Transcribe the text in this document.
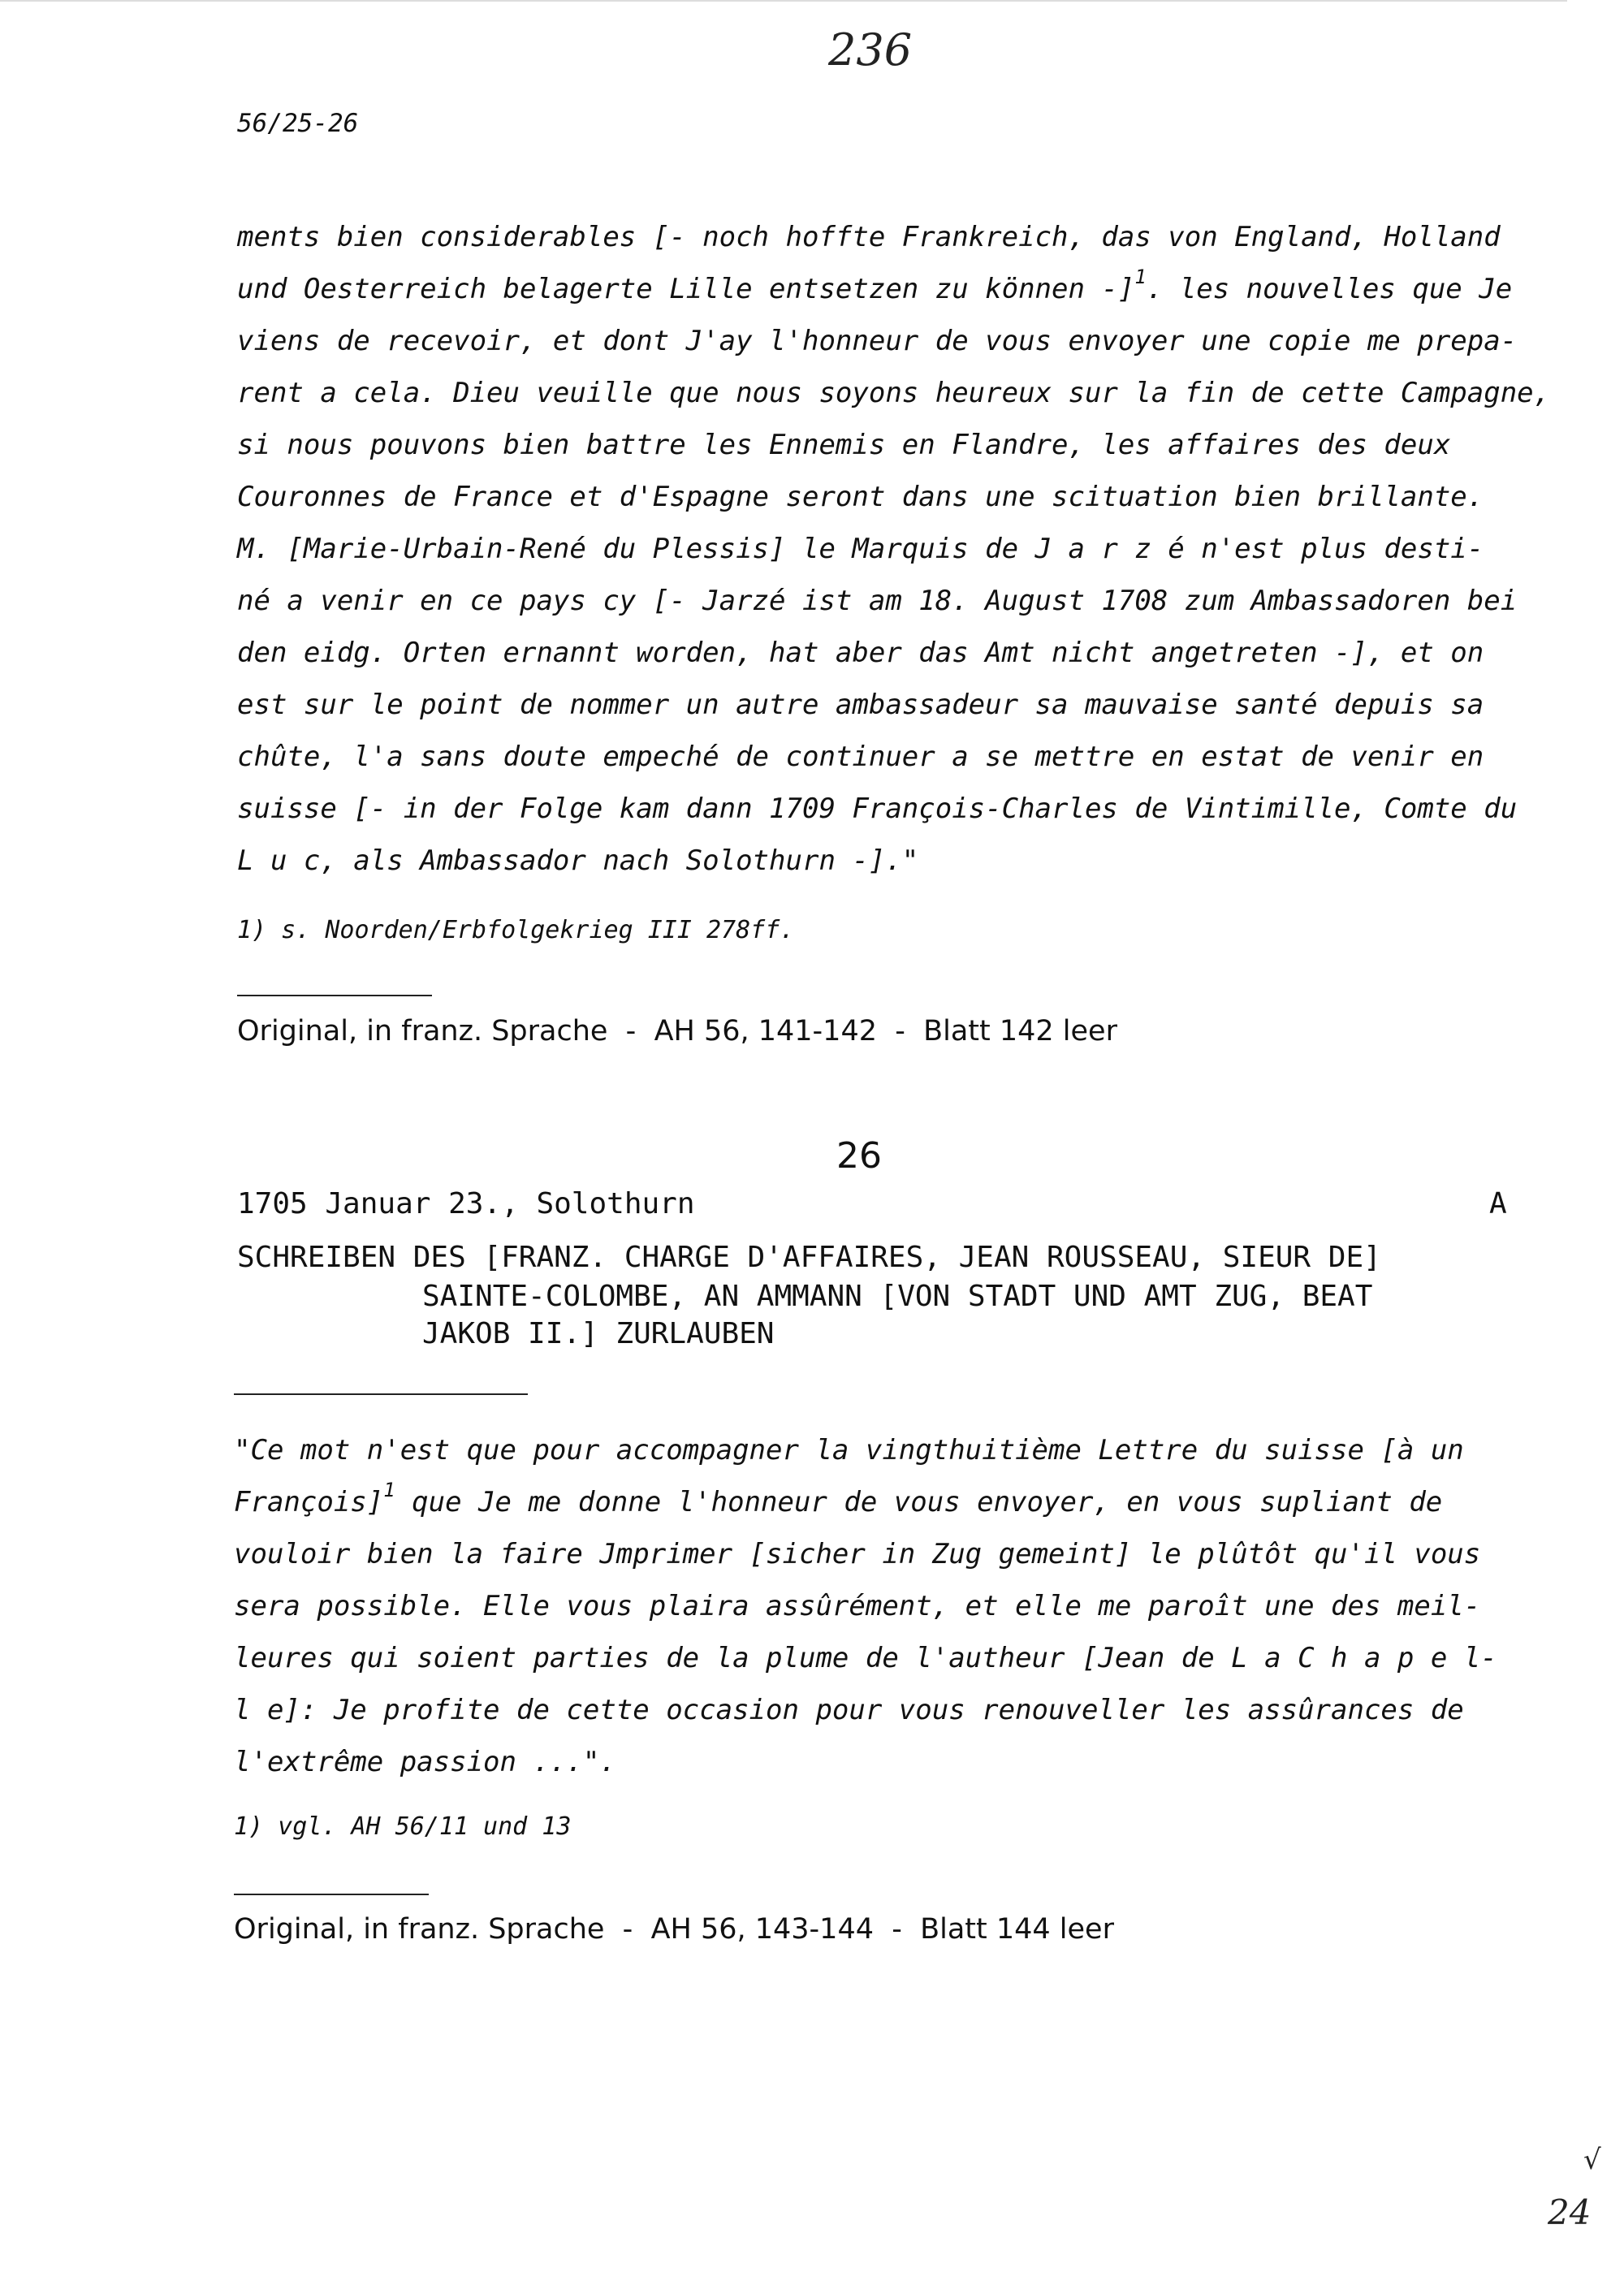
236
56/25-26
ments bien considerables [- noch hoffte Frankreich, das von England, Holland
und Oesterreich belagerte Lille entsetzen zu können -]$^1$. les nouvelles que Je
viens de recevoir, et dont J'ay l'honneur de vous envoyer une copie me prepa-
rent a cela. Dieu veuille que nous soyons heureux sur la fin de cette Campagne,
si nous pouvons bien battre les Ennemis en Flandre, les affaires des deux
Couronnes de France et d'Espagne seront dans une scituation bien brillante.
M. [Marie-Urbain-René du Plessis] le Marquis de J a r z é n'est plus desti-
né a venir en ce pays cy [- Jarzé ist am 18. August 1708 zum Ambassadoren bei
den eidg. Orten ernannt worden, hat aber das Amt nicht angetreten -], et on
est sur le point de nommer un autre ambassadeur sa mauvaise santé depuis sa
chûte, l'a sans doute empeché de continuer a se mettre en estat de venir en
suisse [- in der Folge kam dann 1709 François-Charles de Vintimille, Comte du
L u c, als Ambassador nach Solothurn -]."
1) s. Noorden/Erbfolgekrieg III 278ff.
Original, in franz. Sprache  -  AH 56, 141-142  -  Blatt 142 leer
26
1705 Januar 23., Solothurn	A
SCHREIBEN DES [FRANZ. CHARGE D'AFFAIRES, JEAN ROUSSEAU, SIEUR DE]
SAINTE-COLOMBE, AN AMMANN [VON STADT UND AMT ZUG, BEAT
JAKOB II.] ZURLAUBEN
"Ce mot n'est que pour accompagner la vingthuitième Lettre du suisse [à un
François]$^1$ que Je me donne l'honneur de vous envoyer, en vous supliant de
vouloir bien la faire Jmprimer [sicher in Zug gemeint] le plûtôt qu'il vous
sera possible. Elle vous plaira assûrément, et elle me paroît une des meil-
leures qui soient parties de la plume de l'autheur [Jean de L a C h a p e l-
l e]: Je profite de cette occasion pour vous renouveller les assûrances de
l'extrême passion ...".
1) vgl. AH 56/11 und 13
Original, in franz. Sprache  -  AH 56, 143-144  -  Blatt 144 leer
√
24
